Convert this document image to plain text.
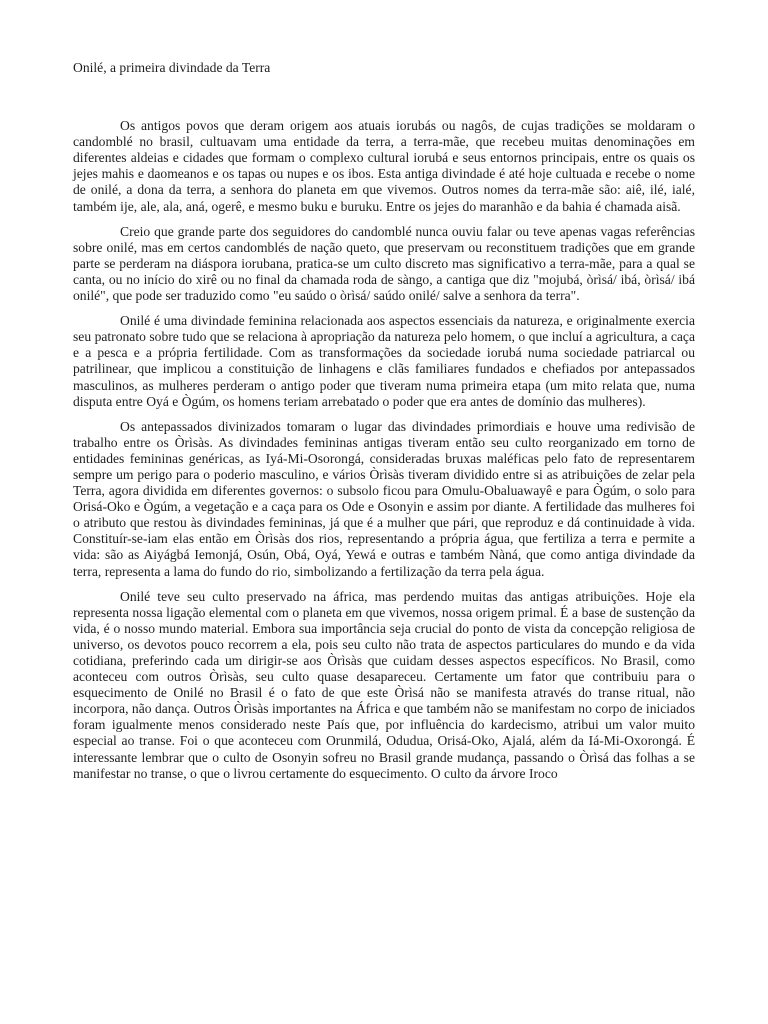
Onilé, a primeira divindade da Terra

Os antigos povos que deram origem aos atuais iorubás ou nagôs, de cujas tradições se moldaram o candomblé no brasil, cultuavam uma entidade da terra, a terra-mãe, que recebeu muitas denominações em diferentes aldeias e cidades que formam o complexo cultural iorubá e seus entornos principais, entre os quais os jejes mahis e daomeanos e os tapas ou nupes e os ibos. Esta antiga divindade é até hoje cultuada e recebe o nome de onilé, a dona da terra, a senhora do planeta em que vivemos. Outros nomes da terra-mãe são: aiê, ilé, ialé, também ije, ale, ala, aná, ogerê, e mesmo buku e buruku. Entre os jejes do maranhão e da bahia é chamada aisã.

Creio que grande parte dos seguidores do candomblé nunca ouviu falar ou teve apenas vagas referências sobre onilé, mas em certos candomblés de nação queto, que preservam ou reconstituem tradições que em grande parte se perderam na diáspora iorubana, pratica-se um culto discreto mas significativo a terra-mãe, para a qual se canta, ou no início do xirê ou no final da chamada roda de sàngo, a cantiga que diz "mojubá, òrìsá/ ibá, òrìsá/ ibá onilé", que pode ser traduzido como "eu saúdo o òrìsá/ saúdo onilé/ salve a senhora da terra".

Onilé é uma divindade feminina relacionada aos aspectos essenciais da natureza, e originalmente exercia seu patronato sobre tudo que se relaciona à apropriação da natureza pelo homem, o que incluí a agricultura, a caça e a pesca e a própria fertilidade. Com as transformações da sociedade iorubá numa sociedade patriarcal ou patrilinear, que implicou a constituição de linhagens e clãs familiares fundados e chefiados por antepassados masculinos, as mulheres perderam o antigo poder que tiveram numa primeira etapa (um mito relata que, numa disputa entre Oyá e Ògúm, os homens teriam arrebatado o poder que era antes de domínio das mulheres).

Os antepassados divinizados tomaram o lugar das divindades primordiais e houve uma redivisão de trabalho entre os Òrìsàs. As divindades femininas antigas tiveram então seu culto reorganizado em torno de entidades femininas genéricas, as Iyá-Mi-Osorongá, consideradas bruxas maléficas pelo fato de representarem sempre um perigo para o poderio masculino, e vários Òrìsàs tiveram dividido entre si as atribuições de zelar pela Terra, agora dividida em diferentes governos: o subsolo ficou para Omulu-Obaluawayê e para Ògúm, o solo para Orisá-Oko e Ògúm, a vegetação e a caça para os Ode e Osonyin e assim por diante. A fertilidade das mulheres foi o atributo que restou às divindades femininas, já que é a mulher que pári, que reproduz e dá continuidade à vida. Constituír-se-iam elas então em Òrìsàs dos rios, representando a própria água, que fertiliza a terra e permite a vida: são as Aiyágbá Iemonjá, Osún, Obá, Oyá, Yewá e outras e também Nàná, que como antiga divindade da terra, representa a lama do fundo do rio, simbolizando a fertilização da terra pela água.

Onilé teve seu culto preservado na áfrica, mas perdendo muitas das antigas atribuições. Hoje ela representa nossa ligação elemental com o planeta em que vivemos, nossa origem primal. É a base de sustenção da vida, é o nosso mundo material. Embora sua importância seja crucial do ponto de vista da concepção religiosa de universo, os devotos pouco recorrem a ela, pois seu culto não trata de aspectos particulares do mundo e da vida cotidiana, preferindo cada um dirigir-se aos Òrìsàs que cuidam desses aspectos específicos. No Brasil, como aconteceu com outros Òrìsàs, seu culto quase desapareceu. Certamente um fator que contribuiu para o esquecimento de Onilé no Brasil é o fato de que este Òrìsá não se manifesta através do transe ritual, não incorpora, não dança. Outros Òrìsàs importantes na África e que também não se manifestam no corpo de iniciados foram igualmente menos considerado neste País que, por influência do kardecismo, atribui um valor muito especial ao transe. Foi o que aconteceu com Orunmilá, Odudua, Orisá-Oko, Ajalá, além da Iá-Mi-Oxorongá. É interessante lembrar que o culto de Osonyin sofreu no Brasil grande mudança, passando o Òrìsá das folhas a se manifestar no transe, o que o livrou certamente do esquecimento. O culto da árvore Iroco
